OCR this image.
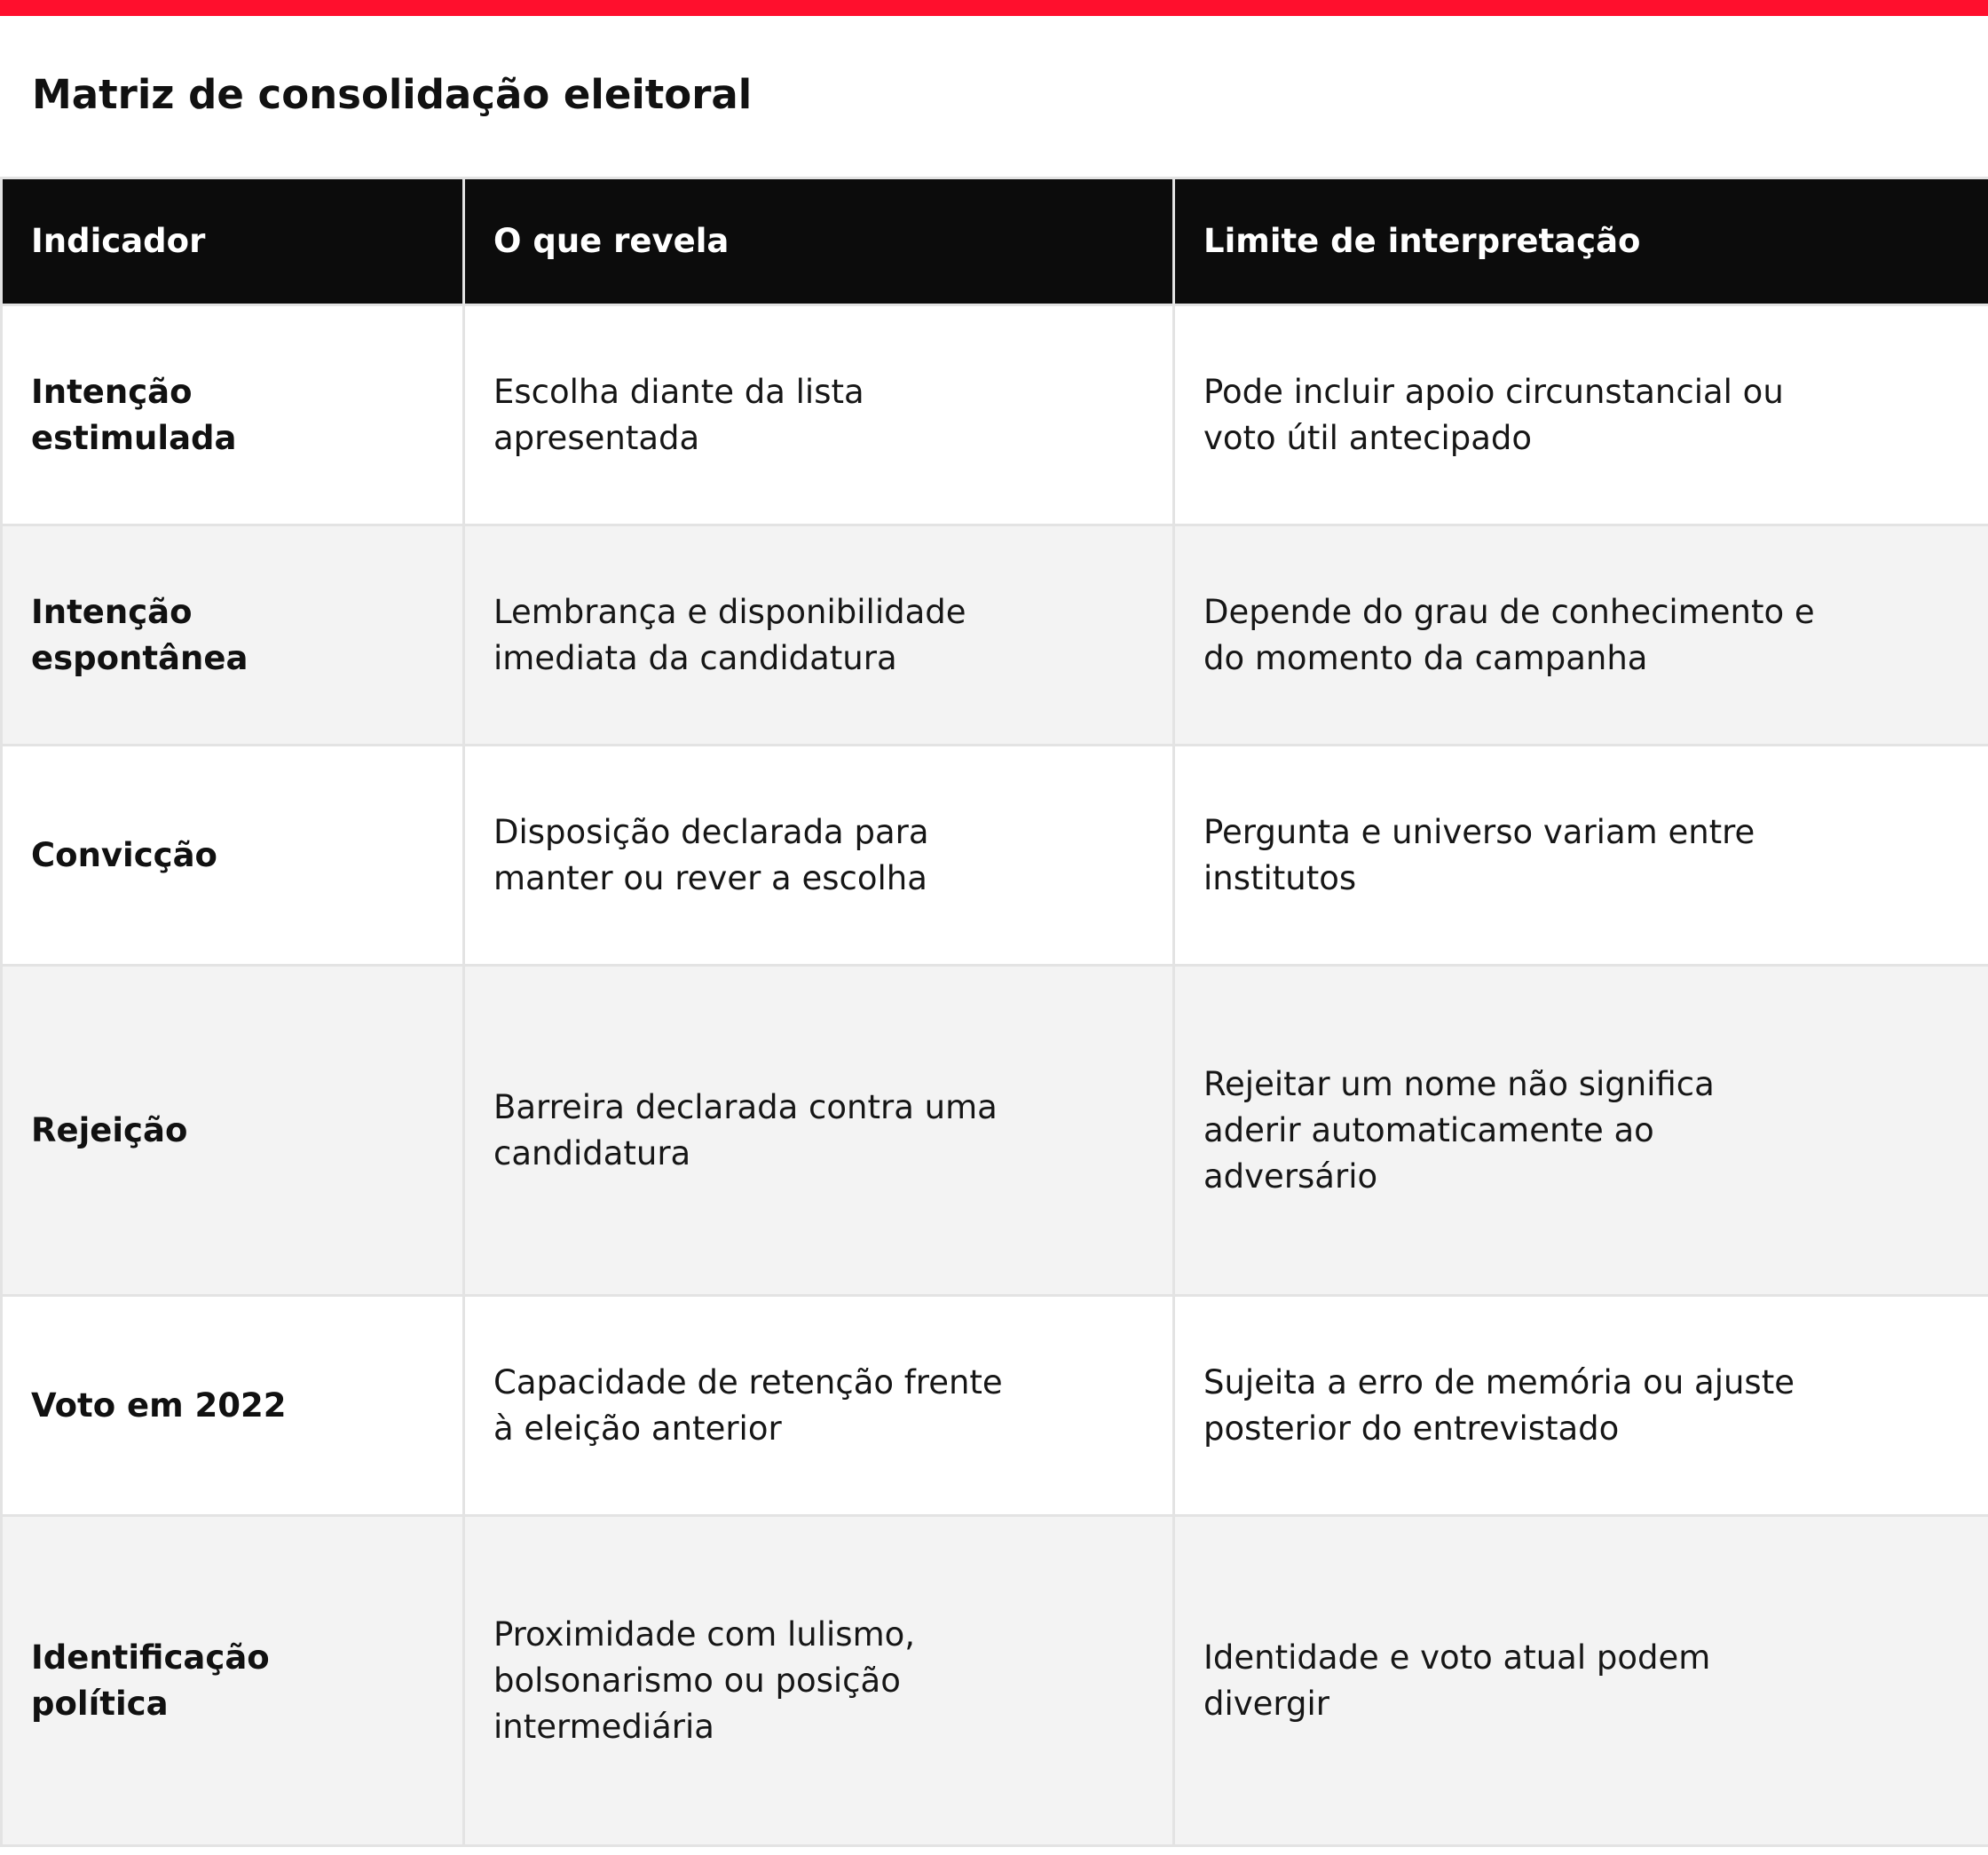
Matriz de consolidação eleitoral
Indicador	O que revela	Limite de interpretação

Intenção estimulada	Escolha diante da lista apresentada	Pode incluir apoio circunstancial ou voto útil antecipado

Intenção espontânea	Lembrança e disponibilidade imediata da candidatura	Depende do grau de conhecimento e do momento da campanha

Convicção	Disposição declarada para manter ou rever a escolha	Pergunta e universo variam entre institutos

Rejeição	Barreira declarada contra uma candidatura	Rejeitar um nome não significa aderir automaticamente ao adversário

Voto em 2022	Capacidade de retenção frente à eleição anterior	Sujeita a erro de memória ou ajuste posterior do entrevistado

Identificação política	Proximidade com lulismo, bolsonarismo ou posição intermediária	Identidade e voto atual podem divergir
